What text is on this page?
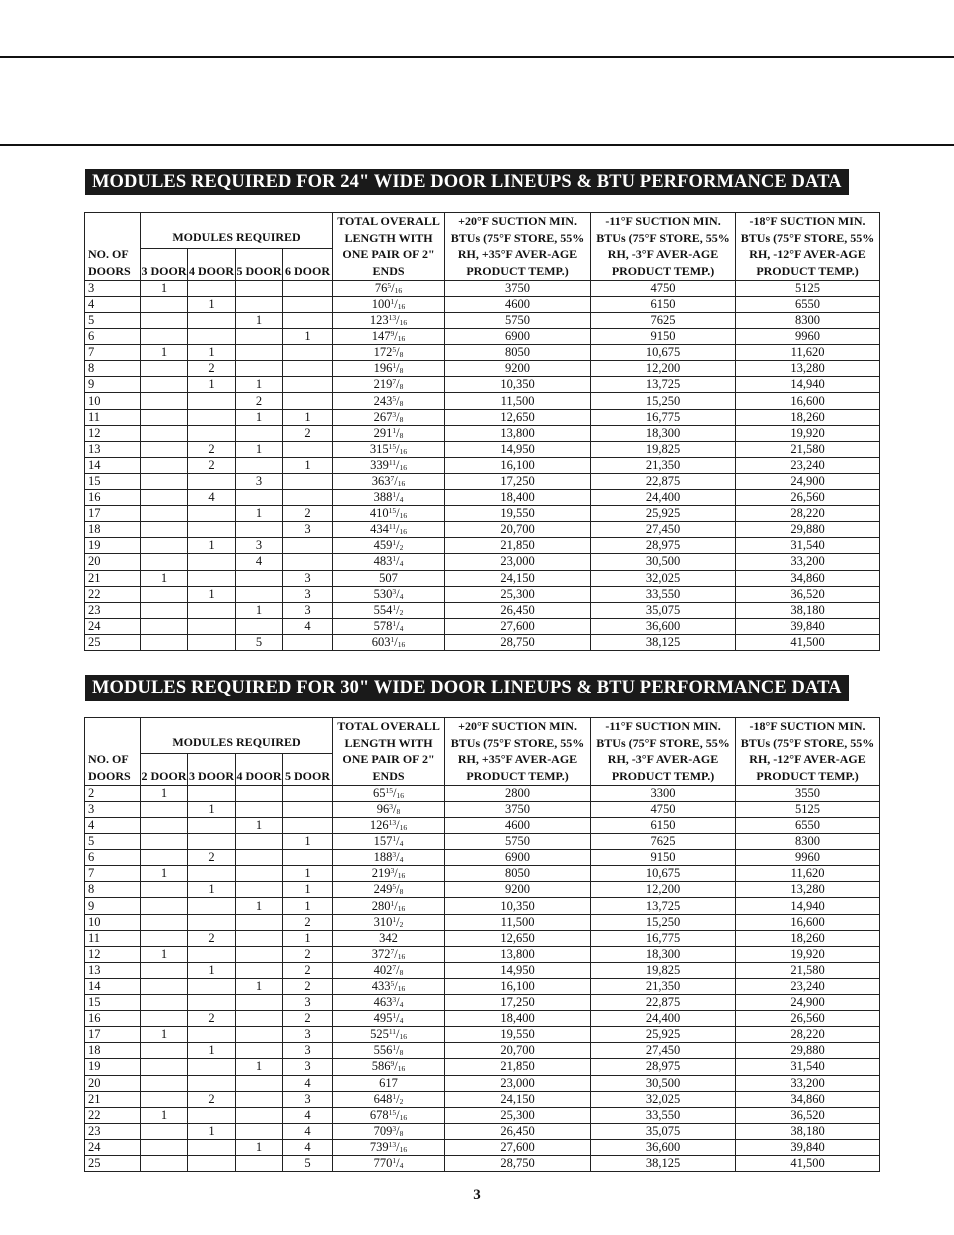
MODULES REQUIRED FOR 24" WIDE DOOR LINEUPS & BTU PERFORMANCE DATA
NO. OF DOORS	MODULES REQUIRED				TOTAL OVERALL LENGTH WITH ONE PAIR OF 2" ENDS	+20°F SUCTION MIN. BTUs (75°F STORE, 55% RH, +35°F AVER-AGE PRODUCT TEMP.)	-11°F SUCTION MIN. BTUs (75°F STORE, 55% RH, -3°F AVER-AGE PRODUCT TEMP.)	-18°F SUCTION MIN. BTUs (75°F STORE, 55% RH, -12°F AVER-AGE PRODUCT TEMP.)
	3 DOOR	4 DOOR	5 DOOR	6 DOOR				
3	1				$76^5/_{16}$	3750	4750	5125
4		1			$100^1/_{16}$	4600	6150	6550
5			1		$123^{13}/_{16}$	5750	7625	8300
6				1	$147^9/_{16}$	6900	9150	9960
7	1	1			$172^5/_8$	8050	10,675	11,620
8		2			$196^1/_8$	9200	12,200	13,280
9		1	1		$219^7/_8$	10,350	13,725	14,940
10			2		$243^5/_8$	11,500	15,250	16,600
11			1	1	$267^3/_8$	12,650	16,775	18,260
12				2	$291^1/_8$	13,800	18,300	19,920
13		2	1		$315^{15}/_{16}$	14,950	19,825	21,580
14		2		1	$339^{11}/_{16}$	16,100	21,350	23,240
15			3		$363^7/_{16}$	17,250	22,875	24,900
16		4			$388^1/_4$	18,400	24,400	26,560
17			1	2	$410^{15}/_{16}$	19,550	25,925	28,220
18				3	$434^{11}/_{16}$	20,700	27,450	29,880
19		1	3		$459^1/_2$	21,850	28,975	31,540
20			4		$483^1/_4$	23,000	30,500	33,200
21	1			3	507	24,150	32,025	34,860
22		1		3	$530^3/_4$	25,300	33,550	36,520
23			1	3	$554^1/_2$	26,450	35,075	38,180
24				4	$578^1/_4$	27,600	36,600	39,840
25			5		$603^1/_{16}$	28,750	38,125	41,500
MODULES REQUIRED FOR 30" WIDE DOOR LINEUPS & BTU PERFORMANCE DATA
NO. OF DOORS	MODULES REQUIRED				TOTAL OVERALL LENGTH WITH ONE PAIR OF 2" ENDS	+20°F SUCTION MIN. BTUs (75°F STORE, 55% RH, +35°F AVER-AGE PRODUCT TEMP.)	-11°F SUCTION MIN. BTUs (75°F STORE, 55% RH, -3°F AVER-AGE PRODUCT TEMP.)	-18°F SUCTION MIN. BTUs (75°F STORE, 55% RH, -12°F AVER-AGE PRODUCT TEMP.)
	2 DOOR	3 DOOR	4 DOOR	5 DOOR				
2	1				$65^{15}/_{16}$	2800	3300	3550
3		1			$96^3/_8$	3750	4750	5125
4			1		$126^{13}/_{16}$	4600	6150	6550
5				1	$157^1/_4$	5750	7625	8300
6		2			$188^3/_4$	6900	9150	9960
7	1			1	$219^3/_{16}$	8050	10,675	11,620
8		1		1	$249^5/_8$	9200	12,200	13,280
9			1	1	$280^1/_{16}$	10,350	13,725	14,940
10				2	$310^1/_2$	11,500	15,250	16,600
11		2		1	342	12,650	16,775	18,260
12	1			2	$372^7/_{16}$	13,800	18,300	19,920
13		1		2	$402^7/_8$	14,950	19,825	21,580
14			1	2	$433^5/_{16}$	16,100	21,350	23,240
15				3	$463^3/_4$	17,250	22,875	24,900
16		2		2	$495^1/_4$	18,400	24,400	26,560
17	1			3	$525^{11}/_{16}$	19,550	25,925	28,220
18		1		3	$556^1/_8$	20,700	27,450	29,880
19			1	3	$586^9/_{16}$	21,850	28,975	31,540
20				4	617	23,000	30,500	33,200
21		2		3	$648^1/_2$	24,150	32,025	34,860
22	1			4	$678^{15}/_{16}$	25,300	33,550	36,520
23		1		4	$709^3/_8$	26,450	35,075	38,180
24			1	4	$739^{13}/_{16}$	27,600	36,600	39,840
25				5	$770^1/_4$	28,750	38,125	41,500
3
